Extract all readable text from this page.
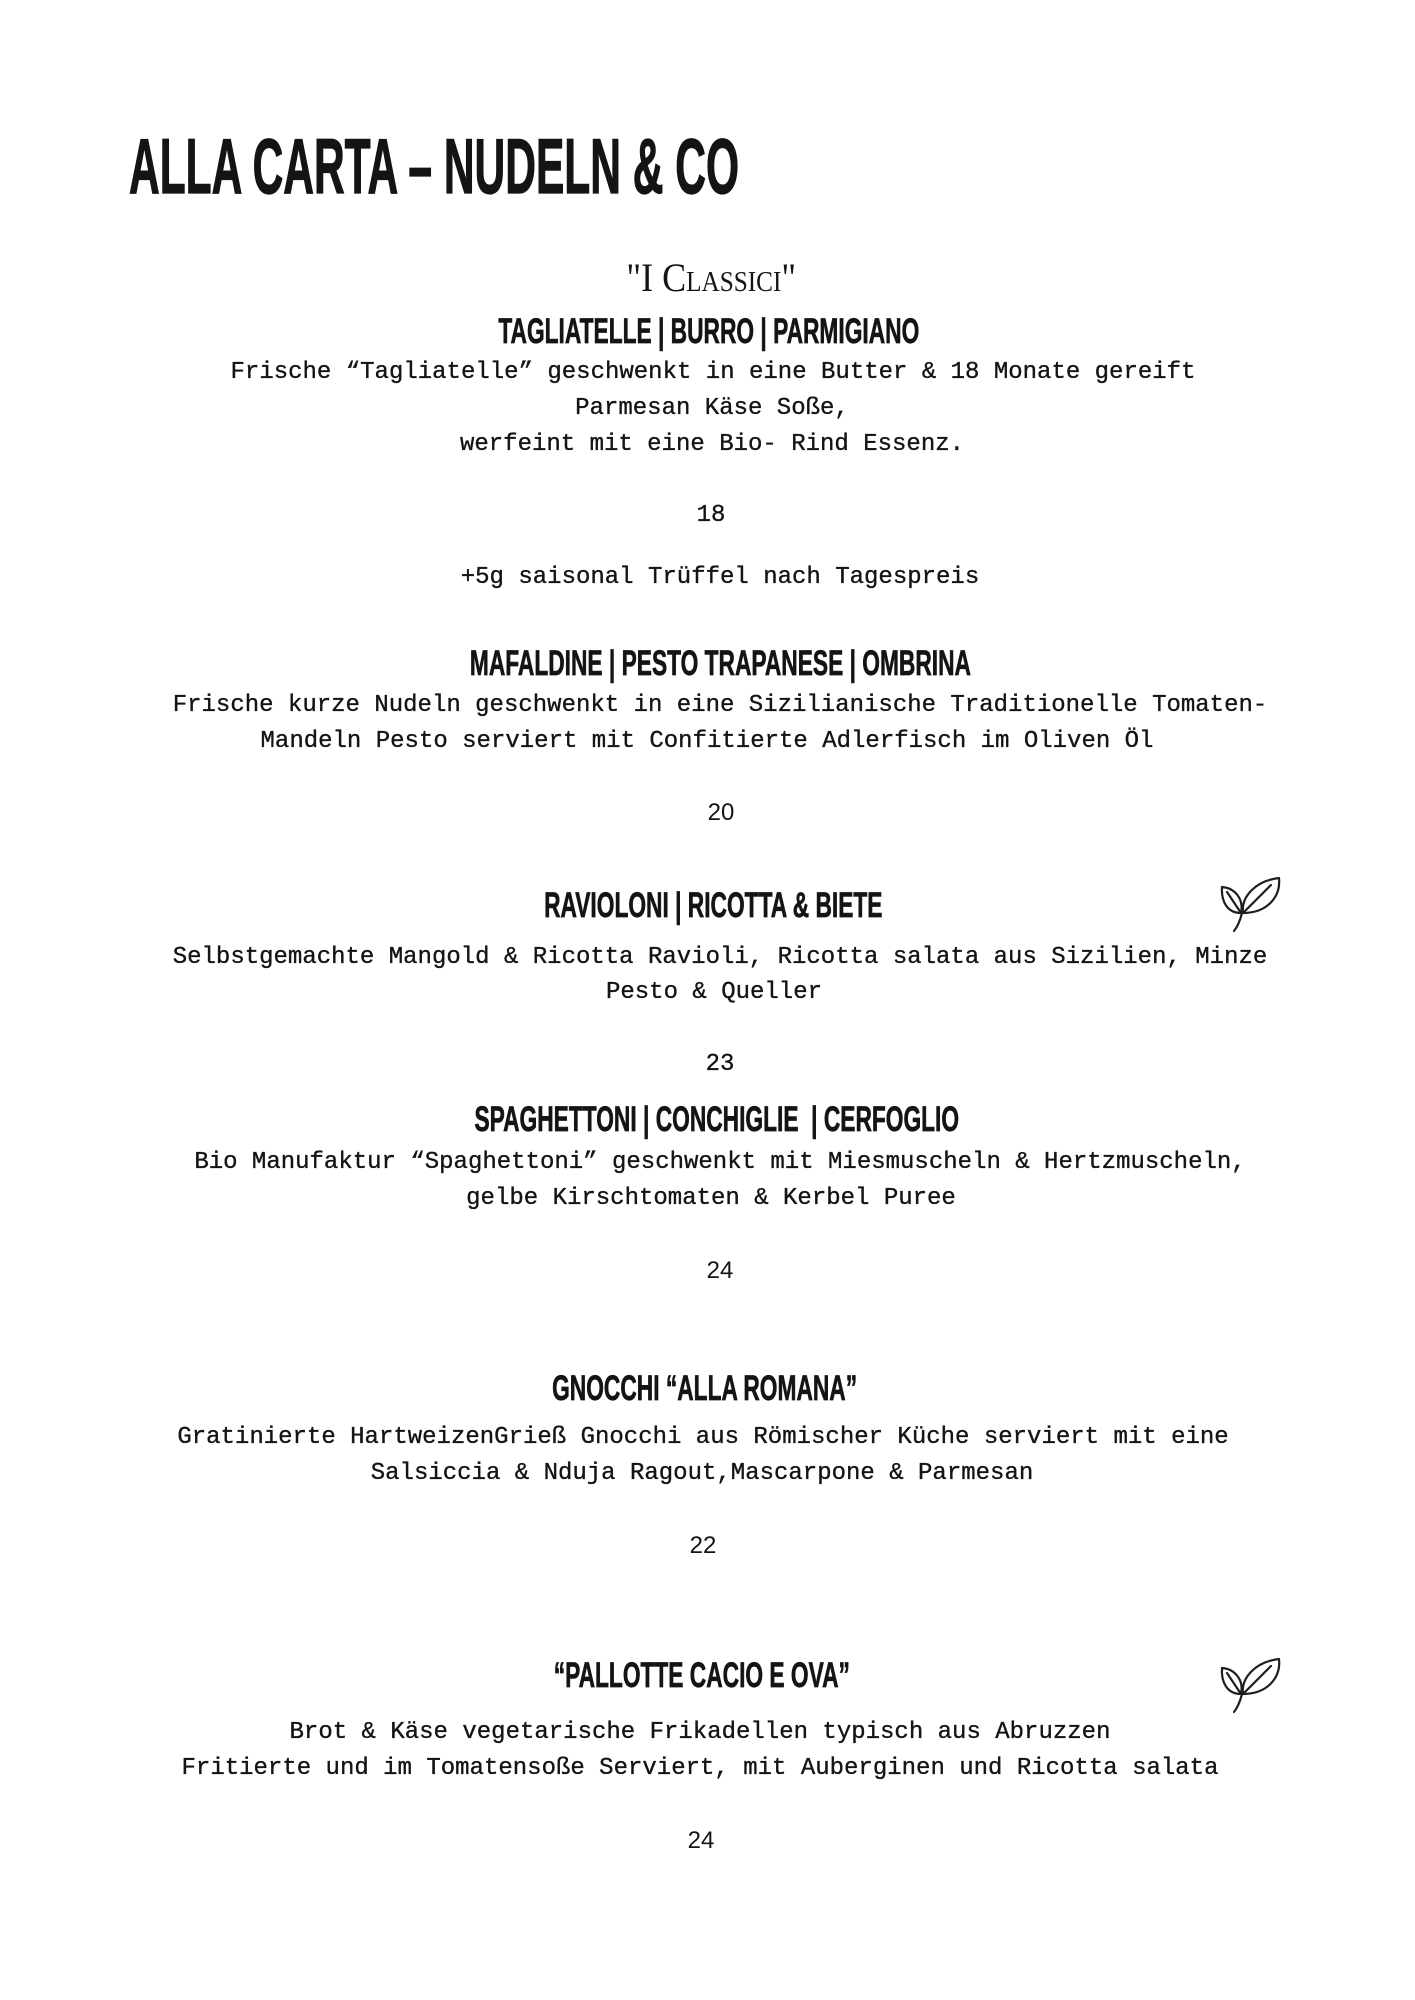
ALLA CARTA – NUDELN & CO
"I Classici"
TAGLIATELLE | BURRO | PARMIGIANO
Frische “Tagliatelle” geschwenkt in eine Butter & 18 Monate gereift
Parmesan Käse Soße,
werfeint mit eine Bio- Rind Essenz.
18
+5g saisonal Trüffel nach Tagespreis
MAFALDINE | PESTO TRAPANESE | OMBRINA
Frische kurze Nudeln geschwenkt in eine Sizilianische Traditionelle Tomaten-
Mandeln Pesto serviert mit Confitierte Adlerfisch im Oliven Öl
20
RAVIOLONI | RICOTTA & BIETE
Selbstgemachte Mangold & Ricotta Ravioli, Ricotta salata aus Sizilien, Minze
Pesto & Queller
23
SPAGHETTONI | CONCHIGLIE  | CERFOGLIO
Bio Manufaktur “Spaghettoni” geschwenkt mit Miesmuscheln & Hertzmuscheln,
gelbe Kirschtomaten & Kerbel Puree
24
GNOCCHI “ALLA ROMANA”
Gratinierte HartweizenGrieß Gnocchi aus Römischer Küche serviert mit eine
Salsiccia & Nduja Ragout,Mascarpone & Parmesan
22
“PALLOTTE CACIO E OVA”
Brot & Käse vegetarische Frikadellen typisch aus Abruzzen
Fritierte und im Tomatensoße Serviert, mit Auberginen und Ricotta salata
24
